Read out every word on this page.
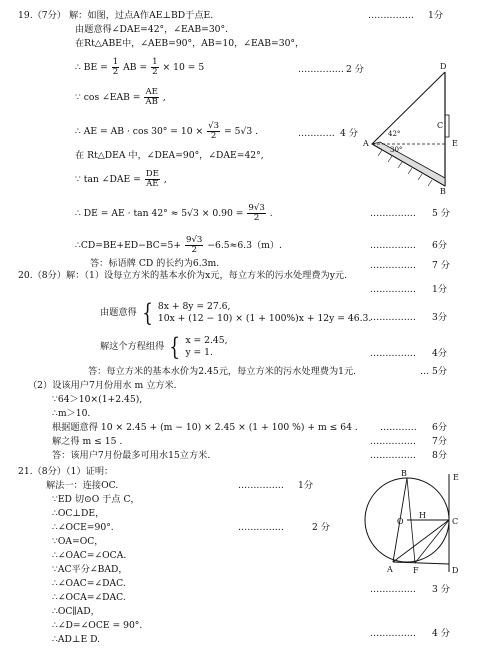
19.（7分） 解：如图，过点A作AE⊥BD于点E.	…………… 1分
由题意得∠DAE=42°，∠EAB=30°.
在Rt△ABE中，∠AEB=90°，AB=10，∠EAB=30°，
∴ BE = $\frac{1}{2}$ AB = $\frac{1}{2} \times 10 = 5$	…………… 2 分
∵ cos ∠EAB = $\frac{AE}{AB}$ ,
∴ AE = AB · $\cos 30^\circ = 10 \times \frac{√3}{2} = 5√3$ .	………… 4 分
在 Rt△DEA 中，∠DEA=90°，∠DAE=42°,
∵ tan ∠DAE = $\frac{DE}{AE}$ ,
∴ DE = AE · $\tan 42^\circ \approx 5√3 \times 0.90 = \frac{9√3}{2}$ .	…………… 5 分
∴CD=BE+ED−BC=5+ $\frac{9√3}{2} -6.5\approx 6.3(m)$.	…………… 6分
答：标语牌 CD 的长约为6.3m.	…………… 7 分
D
C
A	E
B
42°
30°
20.（8分）解：（1）设每立方米的基本水价为x元，每立方米的污水处理费为y元.
…………… 1分
由题意得 { 8x + 8y = 27.6,
10x + (12 − 10) × (1 + 100%)x + 12y = 46.3.
…………… 3分
解这个方程组得 { x = 2.45,
y = 1.	…………… 4分
答：每立方米的基本水价为2.45元，每立方米的污水处理费为1元.	… 5分
（2）设该用户7月份用水 m 立方米.
∵64＞10×(1+2.45),
∴m＞10.
根据题意得 10 × 2.45 + (m − 10) × 2.45 × (1 + 100 %) + m ≤ 64 . ………… 6分
解之得 m ≤ 15 .	…………… 7分
答：该用户7月份最多可用水15立方米.	…………… 8分
21.（8分）（1）证明：
解法一：连接OC.	…………… 1分
∵ED 切⊙O 于点 C，
∴OC⊥DE，
∴∠OCE=90°.	……………	2 分
∵OA=OC，
∴∠OAC=∠OCA.
∵AC平分∠BAD，
∴∠OAC=∠DAC.
∴∠OCA=∠DAC.
…………… 3 分
∴OC∥AD，
∴∠D=∠OCE = 90°.
∴AD⊥E D.
…………… 4 分
E
O
H
C
B
A	F	D
